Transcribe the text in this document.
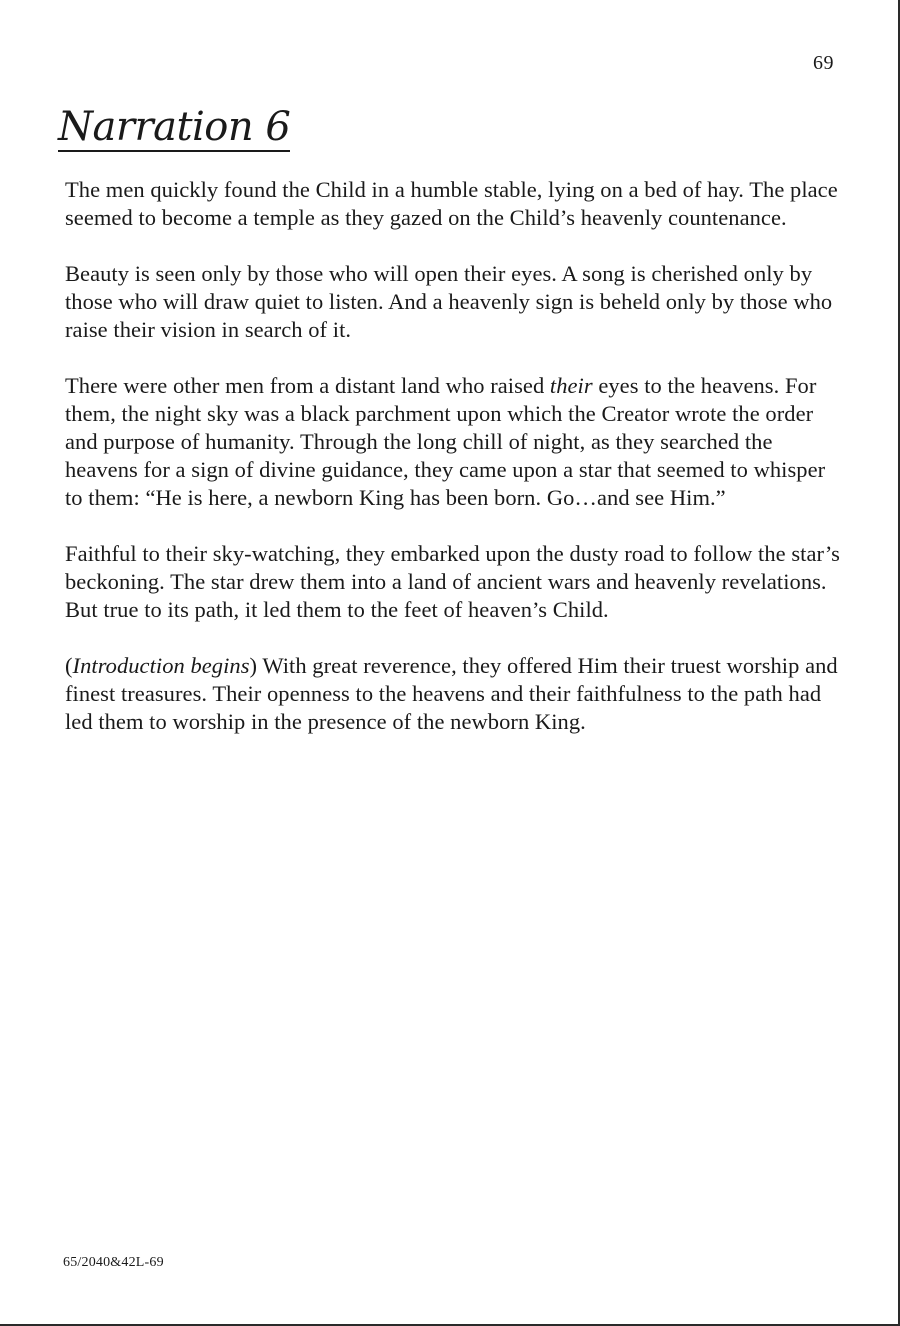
69
Narration 6

The men quickly found the Child in a humble stable, lying on a bed of hay. The place seemed to become a temple as they gazed on the Child’s heavenly countenance.

Beauty is seen only by those who will open their eyes. A song is cherished only by those who will draw quiet to listen. And a heavenly sign is beheld only by those who raise their vision in search of it.

There were other men from a distant land who raised their eyes to the heavens. For them, the night sky was a black parchment upon which the Creator wrote the order and purpose of humanity. Through the long chill of night, as they searched the heavens for a sign of divine guidance, they came upon a star that seemed to whisper to them: “He is here, a newborn King has been born. Go…and see Him.”

Faithful to their sky-watching, they embarked upon the dusty road to follow the star’s beckoning. The star drew them into a land of ancient wars and heavenly revelations. But true to its path, it led them to the feet of heaven’s Child.

(Introduction begins) With great reverence, they offered Him their truest worship and finest treasures. Their openness to the heavens and their faithfulness to the path had led them to worship in the presence of the newborn King.

65/2040&42L-69
